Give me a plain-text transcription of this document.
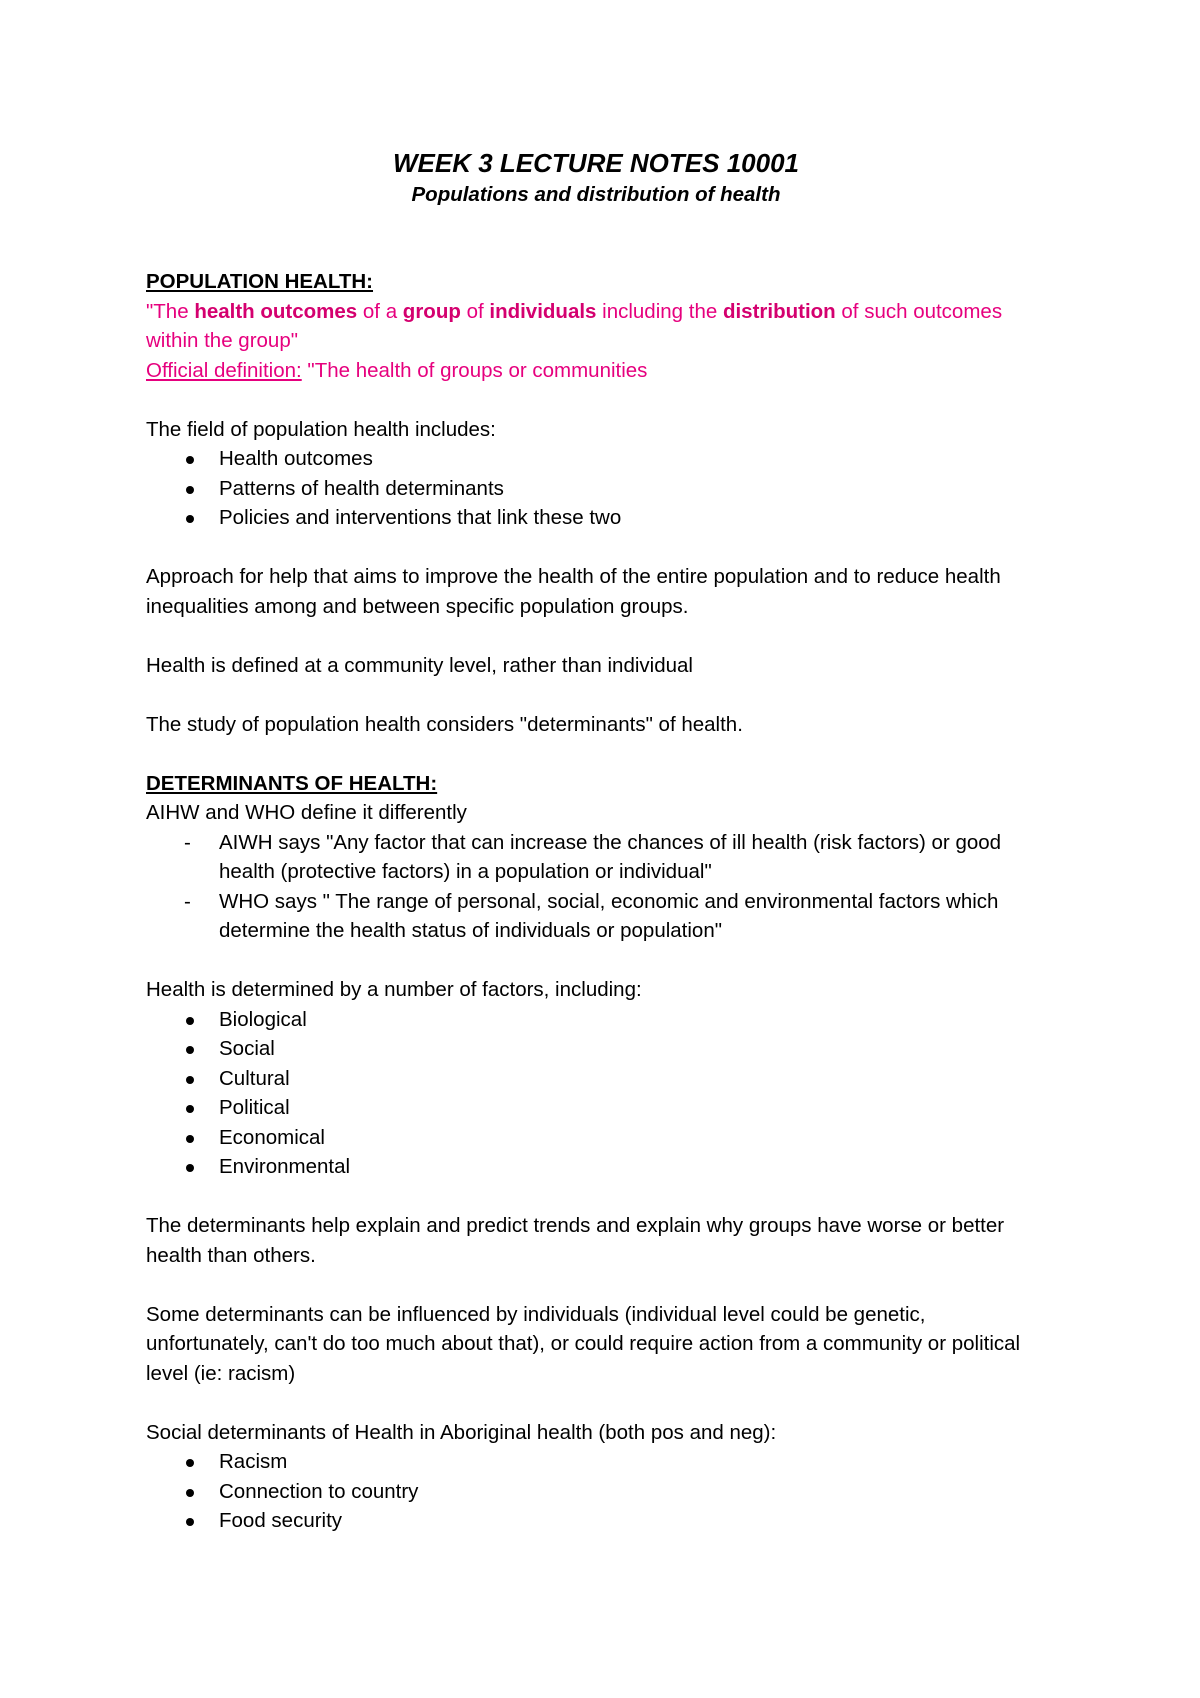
WEEK 3 LECTURE NOTES 10001
Populations and distribution of health

POPULATION HEALTH:

"The health outcomes of a group of individuals including the distribution of such outcomes within the group"

Official definition: "The health of groups or communities

The field of population health includes:

Health outcomes
Patterns of health determinants
Policies and interventions that link these two

Approach for help that aims to improve the health of the entire population and to reduce health inequalities among and between specific population groups.

Health is defined at a community level, rather than individual

The study of population health considers "determinants" of health.

DETERMINANTS OF HEALTH:

AIHW and WHO define it differently

- AIWH says "Any factor that can increase the chances of ill health (risk factors) or good health (protective factors) in a population or individual"
- WHO says " The range of personal, social, economic and environmental factors which determine the health status of individuals or population"

Health is determined by a number of factors, including:

Biological
Social
Cultural
Political
Economical
Environmental

The determinants help explain and predict trends and explain why groups have worse or better health than others.

Some determinants can be influenced by individuals (individual level could be genetic, unfortunately, can't do too much about that), or could require action from a community or political level (ie: racism)

Social determinants of Health in Aboriginal health (both pos and neg):

Racism
Connection to country
Food security
